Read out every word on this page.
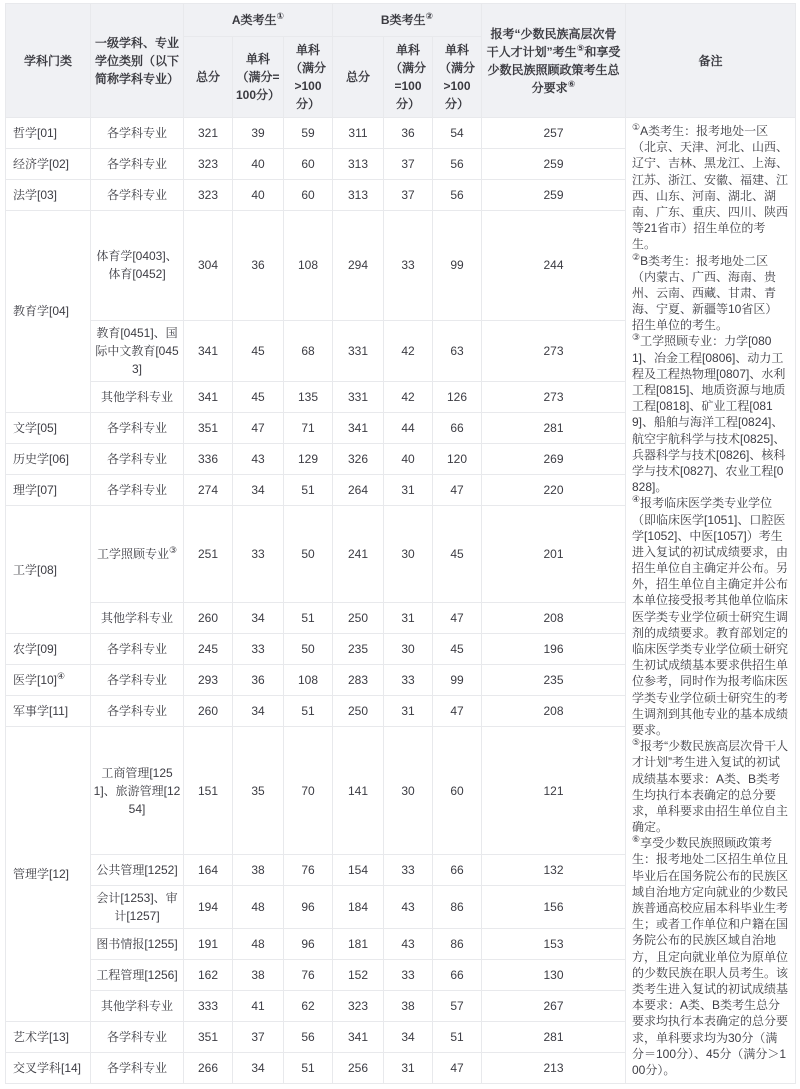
学科门类	一级学科、专业学位类别（以下简称学科专业）	A类考生①			B类考生②			报考“少数民族高层次骨干人才计划”考生⑤和享受少数民族照顾政策考生总分要求⑥	备注
		总分	单科（满分=100分）	单科（满分>100分）	总分	单科（满分=100分）	单科（满分>100分）		
哲学[01]	各学科专业	321	39	59	311	36	54	257	①A类考生：报考地处一区（北京、天津、河北、山西、辽宁、吉林、黑龙江、上海、江苏、浙江、安徽、福建、江西、山东、河南、湖北、湖南、广东、重庆、四川、陕西等21省市）招生单位的考生。
②B类考生：报考地处二区（内蒙古、广西、海南、贵州、云南、西藏、甘肃、青海、宁夏、新疆等10省区）招生单位的考生。
③工学照顾专业：力学[0801]、冶金工程[0806]、动力工程及工程热物理[0807]、水利工程[0815]、地质资源与地质工程[0818]、矿业工程[0819]、船舶与海洋工程[0824]、航空宇航科学与技术[0825]、兵器科学与技术[0826]、核科学与技术[0827]、农业工程[0828]。
④报考临床医学类专业学位（即临床医学[1051]、口腔医学[1052]、中医[1057]）考生进入复试的初试成绩要求，由招生单位自主确定并公布。另外，招生单位自主确定并公布本单位接受报考其他单位临床医学类专业学位硕士研究生调剂的成绩要求。教育部划定的临床医学类专业学位硕士研究生初试成绩基本要求供招生单位参考，同时作为报考临床医学类专业学位硕士研究生的考生调剂到其他专业的基本成绩要求。
⑤报考“少数民族高层次骨干人才计划”考生进入复试的初试成绩基本要求：A类、B类考生均执行本表确定的总分要求，单科要求由招生单位自主确定。
⑥享受少数民族照顾政策考生：报考地处二区招生单位且毕业后在国务院公布的民族区域自治地方定向就业的少数民族普通高校应届本科毕业生考生；或者工作单位和户籍在国务院公布的民族区域自治地方，且定向就业单位为原单位的少数民族在职人员考生。该类考生进入复试的初试成绩基本要求：A类、B类考生总分要求均执行本表确定的总分要求，单科要求均为30分（满分＝100分）、45分（满分＞100分）。

经济学[02]	各学科专业	323	40	60	313	37	56	259	
法学[03]	各学科专业	323	40	60	313	37	56	259	
教育学[04]	体育学[0403]、体育[0452]	304	36	108	294	33	99	244	
	教育[0451]、国际中文教育[0453]	341	45	68	331	42	63	273	
	其他学科专业	341	45	135	331	42	126	273	
文学[05]	各学科专业	351	47	71	341	44	66	281	
历史学[06]	各学科专业	336	43	129	326	40	120	269	
理学[07]	各学科专业	274	34	51	264	31	47	220	
工学[08]	工学照顾专业③	251	33	50	241	30	45	201	
	其他学科专业	260	34	51	250	31	47	208	
农学[09]	各学科专业	245	33	50	235	30	45	196	
医学[10]④	各学科专业	293	36	108	283	33	99	235	
军事学[11]	各学科专业	260	34	51	250	31	47	208	
管理学[12]	工商管理[1251]、旅游管理[1254]	151	35	70	141	30	60	121	
	公共管理[1252]	164	38	76	154	33	66	132	
	会计[1253]、审计[1257]	194	48	96	184	43	86	156	
	图书情报[1255]	191	48	96	181	43	86	153	
	工程管理[1256]	162	38	76	152	33	66	130	
	其他学科专业	333	41	62	323	38	57	267	
艺术学[13]	各学科专业	351	37	56	341	34	51	281	
交叉学科[14]	各学科专业	266	34	51	256	31	47	213	
